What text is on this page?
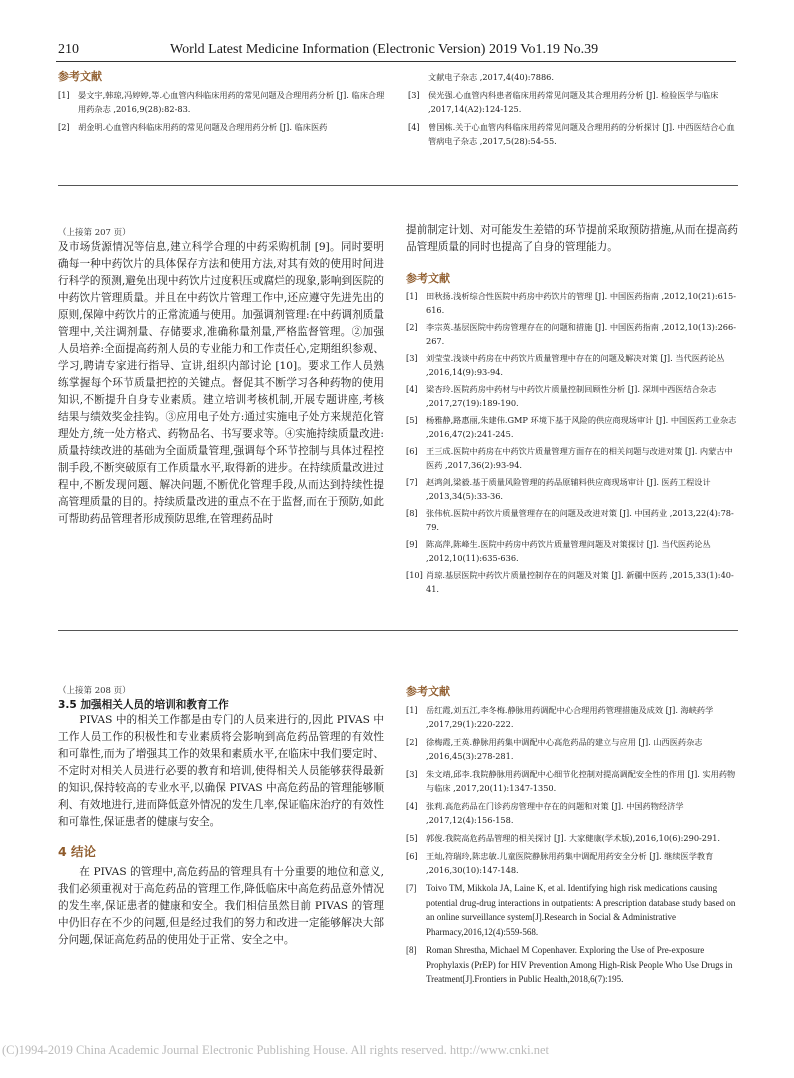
210	World Latest Medicine Information (Electronic Version) 2019 Vo1.19 No.39
参考文献
[1]	晏文宇,韩琼,冯婷婷,等.心血管内科临床用药的常见问题及合理用药分析 [J]. 临床合理用药杂志 ,2016,9(28):82-83.
[2]	胡金明.心血管内科临床用药的常见问题及合理用药分析 [J]. 临床医药
文献电子杂志 ,2017,4(40):7886.
[3]	侯光强.心血管内科患者临床用药常见问题及其合理用药分析 [J]. 检验医学与临床 ,2017,14(A2):124-125.
[4]	曾国栋.关于心血管内科临床用药常见问题及合理用药的分析探讨 [J]. 中西医结合心血管病电子杂志 ,2017,5(28):54-55.
（上接第 207 页）

及市场货源情况等信息,建立科学合理的中药采购机制 [9]。同时要明确每一种中药饮片的具体保存方法和使用方法,对其有效的使用时间进行科学的预测,避免出现中药饮片过度积压或腐烂的现象,影响到医院的中药饮片管理质量。并且在中药饮片管理工作中,还应遵守先进先出的原则,保障中药饮片的正常流通与使用。加强调剂管理:在中药调剂质量管理中,关注调剂量、存储要求,准确称量剂量,严格监督管理。②加强人员培养:全面提高药剂人员的专业能力和工作责任心,定期组织参观、学习,聘请专家进行指导、宣讲,组织内部讨论 [10]。要求工作人员熟练掌握每个环节质量把控的关键点。督促其不断学习各种药物的使用知识,不断提升自身专业素质。建立培训考核机制,开展专题讲座,考核结果与绩效奖金挂钩。③应用电子处方:通过实施电子处方来规范化管理处方,统一处方格式、药物品名、书写要求等。④实施持续质量改进:质量持续改进的基础为全面质量管理,强调每个环节控制与具体过程控制手段,不断突破原有工作质量水平,取得新的进步。在持续质量改进过程中,不断发现问题、解决问题,不断优化管理手段,从而达到持续性提高管理质量的目的。持续质量改进的重点不在于监督,而在于预防,如此可帮助药品管理者形成预防思维,在管理药品时

提前制定计划、对可能发生差错的环节提前采取预防措施,从而在提高药品管理质量的同时也提高了自身的管理能力。

参考文献
[1]	田秋扬.浅析综合性医院中药房中药饮片的管理 [J]. 中国医药指南 ,2012,10(21):615-616.
[2]	李宗英.基层医院中药房管理存在的问题和措施 [J]. 中国医药指南 ,2012,10(13):266-267.
[3]	刘莹莹.浅谈中药房在中药饮片质量管理中存在的问题及解决对策 [J]. 当代医药论丛 ,2016,14(9):93-94.
[4]	梁杏玲.医院药房中药材与中药饮片质量控制回顾性分析 [J]. 深圳中西医结合杂志 ,2017,27(19):189-190.
[5]	杨雅静,路惠丽,朱建伟.GMP 环境下基于风险的供应商现场审计 [J]. 中国医药工业杂志 ,2016,47(2):241-245.
[6]	王三成.医院中药房在中药饮片质量管理方面存在的相关问题与改进对策 [J]. 内蒙古中医药 ,2017,36(2):93-94.
[7]	赵鸿剑,梁毅.基于质量风险管理的药品原辅料供应商现场审计 [J]. 医药工程设计 ,2013,34(5):33-36.
[8]	张伟杭.医院中药饮片质量管理存在的问题及改进对策 [J]. 中国药业 ,2013,22(4):78-79.
[9]	陈高萍,陈峰生.医院中药房中药饮片质量管理问题及对策探讨 [J]. 当代医药论丛 ,2012,10(11):635-636.
[10] 肖琼.基层医院中药饮片质量控制存在的问题及对策 [J]. 新疆中医药 ,2015,33(1):40-41.
（上接第 208 页）
3.5 加强相关人员的培训和教育工作

PIVAS 中的相关工作都是由专门的人员来进行的,因此 PIVAS 中工作人员工作的积极性和专业素质将会影响到高危药品管理的有效性和可靠性,而为了增强其工作的效果和素质水平,在临床中我们要定时、不定时对相关人员进行必要的教育和培训,使得相关人员能够获得最新的知识,保持较高的专业水平,以确保 PIVAS 中高危药品的管理能够顺利、有效地进行,进而降低意外情况的发生几率,保证临床治疗的有效性和可靠性,保证患者的健康与安全。

4 结论

在 PIVAS 的管理中,高危药品的管理具有十分重要的地位和意义,我们必须重视对于高危药品的管理工作,降低临床中高危药品意外情况的发生率,保证患者的健康和安全。我们相信虽然目前 PIVAS 的管理中仍旧存在不少的问题,但是经过我们的努力和改进一定能够解决大部分问题,保证高危药品的使用处于正常、安全之中。

参考文献
[1]	岳红霞,刘五江,李冬梅.静脉用药调配中心合理用药管理措施及成效 [J]. 海峡药学 ,2017,29(1):220-222.
[2]	徐梅霞,王英.静脉用药集中调配中心高危药品的建立与应用 [J]. 山西医药杂志 ,2016,45(3):278-281.
[3]	朱文靖,邱李.我院静脉用药调配中心细节化控制对提高调配安全性的作用 [J]. 实用药物与临床 ,2017,20(11):1347-1350.
[4]	张莉.高危药品在门诊药房管理中存在的问题和对策 [J]. 中国药物经济学 ,2017,12(4):156-158.
[5]	郭俊.我院高危药品管理的相关探讨 [J]. 大家健康(学术版),2016,10(6):290-291.
[6]	王灿,符瑞玲,陈忠敏.儿童医院静脉用药集中调配用药安全分析 [J]. 继续医学教育 ,2016,30(10):147-148.
[7]	Toivo TM, Mikkola JA, Laine K, et al. Identifying high risk medications causing potential drug-drug interactions in outpatients: A prescription database study based on an online surveillance system[J].Research in Social & Administrative Pharmacy,2016,12(4):559-568.
[8]	Roman Shrestha, Michael M Copenhaver. Exploring the Use of Pre-exposure Prophylaxis (PrEP) for HIV Prevention Among High-Risk People Who Use Drugs in Treatment[J].Frontiers in Public Health,2018,6(7):195.
(C)1994-2019 China Academic Journal Electronic Publishing House. All rights reserved. http://www.cnki.net
